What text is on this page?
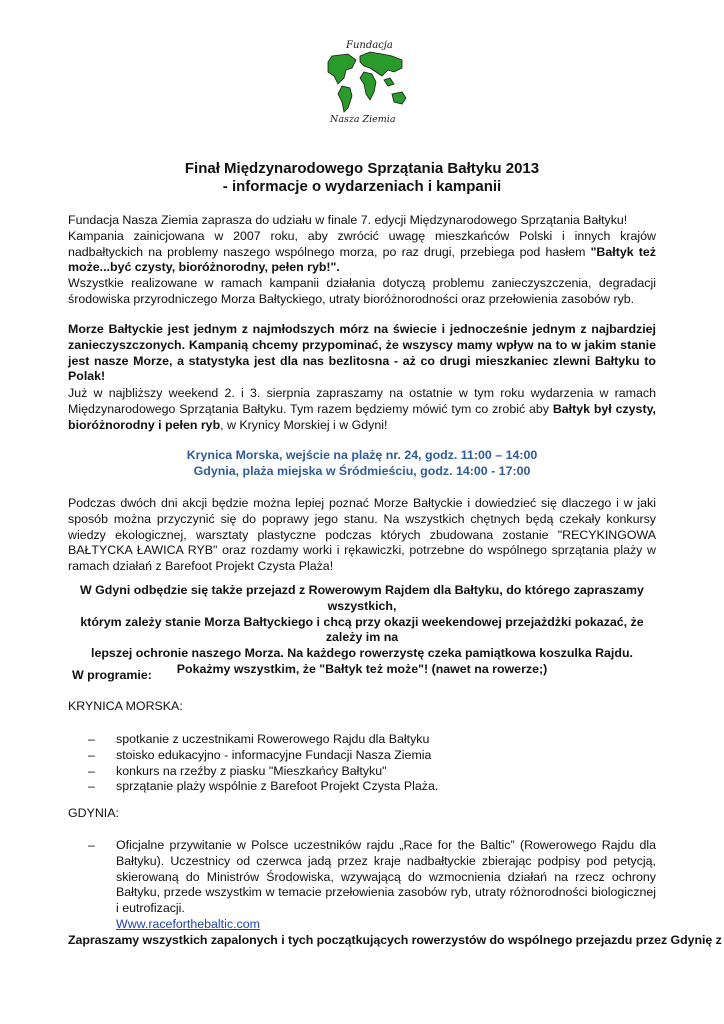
Fundacja
Nasza Ziemia
Finał Międzynarodowego Sprzątania Bałtyku 2013
- informacje o wydarzeniach i kampanii
Fundacja Nasza Ziemia zaprasza do udziału w finale 7. edycji Międzynarodowego Sprzątania Bałtyku!
Kampania zainicjowana w 2007 roku, aby zwrócić uwagę mieszkańców Polski i innych krajów nadbałtyckich na problemy naszego wspólnego morza, po raz drugi, przebiega pod hasłem "Bałtyk też może...być czysty, bioróżnorodny, pełen ryb!".
Wszystkie realizowane w ramach kampanii działania dotyczą problemu zanieczyszczenia, degradacji środowiska przyrodniczego Morza Bałtyckiego, utraty bioróżnorodności oraz przełowienia zasobów ryb.
Morze Bałtyckie jest jednym z najmłodszych mórz na świecie i jednocześnie jednym z najbardziej zanieczyszczonych. Kampanią chcemy przypominać, że wszyscy mamy wpływ na to w jakim stanie jest nasze Morze, a statystyka jest dla nas bezlitosna - aż co drugi mieszkaniec zlewni Bałtyku to Polak!
Już w najbliższy weekend 2. i 3. sierpnia zapraszamy na ostatnie w tym roku wydarzenia w ramach Międzynarodowego Sprzątania Bałtyku. Tym razem będziemy mówić tym co zrobić aby Bałtyk był czysty, bioróżnorodny i pełen ryb, w Krynicy Morskiej i w Gdyni!
Krynica Morska, wejście na plażę nr. 24, godz. 11:00 – 14:00
Gdynia, plaża miejska w Śródmieściu, godz. 14:00 - 17:00
Podczas dwóch dni akcji będzie można lepiej poznać Morze Bałtyckie i dowiedzieć się dlaczego i w jaki sposób można przyczynić się do poprawy jego stanu. Na wszystkich chętnych będą czekały konkursy wiedzy ekologicznej, warsztaty plastyczne podczas których zbudowana zostanie "RECYKINGOWA BAŁTYCKA ŁAWICA RYB" oraz rozdamy worki i rękawiczki, potrzebne do wspólnego sprzątania plaży w ramach działań z Barefoot Projekt Czysta Plaża!
W Gdyni odbędzie się także przejazd z Rowerowym Rajdem dla Bałtyku, do którego zapraszamy wszystkich,
którym zależy stanie Morza Bałtyckiego i chcą przy okazji weekendowej przejażdżki pokazać, że zależy im na
lepszej ochronie naszego Morza. Na każdego rowerzystę czeka pamiątkowa koszulka Rajdu.
Pokażmy wszystkim, że "Bałtyk też może"! (nawet na rowerze;)
W programie:
KRYNICA MORSKA:
– spotkanie z uczestnikami Rowerowego Rajdu dla Bałtyku
– stoisko edukacyjno - informacyjne Fundacji Nasza Ziemia
– konkurs na rzeźby z piasku "Mieszkańcy Bałtyku"
– sprzątanie plaży wspólnie z Barefoot Projekt Czysta Plaża.
GDYNIA:
– Oficjalne przywitanie w Polsce uczestników rajdu „Race for the Baltic” (Rowerowego Rajdu dla Bałtyku). Uczestnicy od czerwca jadą przez kraje nadbałtyckie zbierając podpisy pod petycją, skierowaną do Ministrów Środowiska, wzywającą do wzmocnienia działań na rzecz ochrony Bałtyku, przede wszystkim w temacie przełowienia zasobów ryb, utraty różnorodności biologicznej i eutrofizacji.
Www.raceforthebaltic.com
Zapraszamy wszystkich zapalonych i tych początkujących rowerzystów do wspólnego przejazdu przez Gdynię z
